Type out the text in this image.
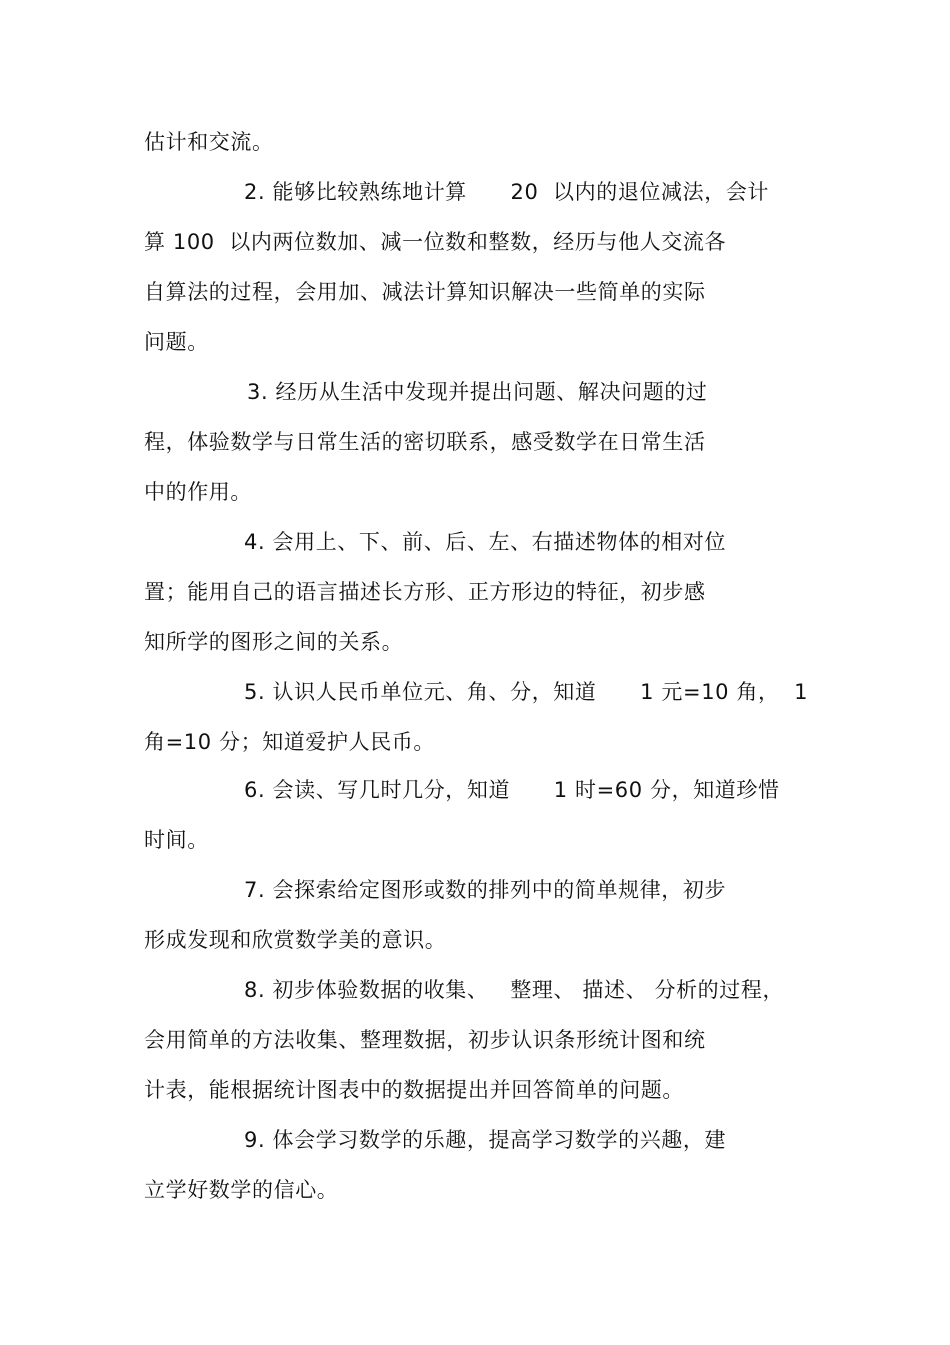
估计和交流。
2. 能够比较熟练地计算      20  以内的退位减法，会计
算 100  以内两位数加、减一位数和整数，经历与他人交流各
自算法的过程，会用加、减法计算知识解决一些简单的实际
问题。
3. 经历从生活中发现并提出问题、解决问题的过
程，体验数学与日常生活的密切联系，感受数学在日常生活
中的作用。
4. 会用上、下、前、后、左、右描述物体的相对位
置；能用自己的语言描述长方形、正方形边的特征，初步感
知所学的图形之间的关系。
5. 认识人民币单位元、角、分，知道      1 元=10 角，  1
角=10 分；知道爱护人民币。
6. 会读、写几时几分，知道      1 时=60 分，知道珍惜
时间。
7. 会探索给定图形或数的排列中的简单规律，初步
形成发现和欣赏数学美的意识。
8. 初步体验数据的收集、   整理、 描述、 分析的过程，
会用简单的方法收集、整理数据，初步认识条形统计图和统
计表，能根据统计图表中的数据提出并回答简单的问题。
9. 体会学习数学的乐趣，提高学习数学的兴趣，建
立学好数学的信心。
